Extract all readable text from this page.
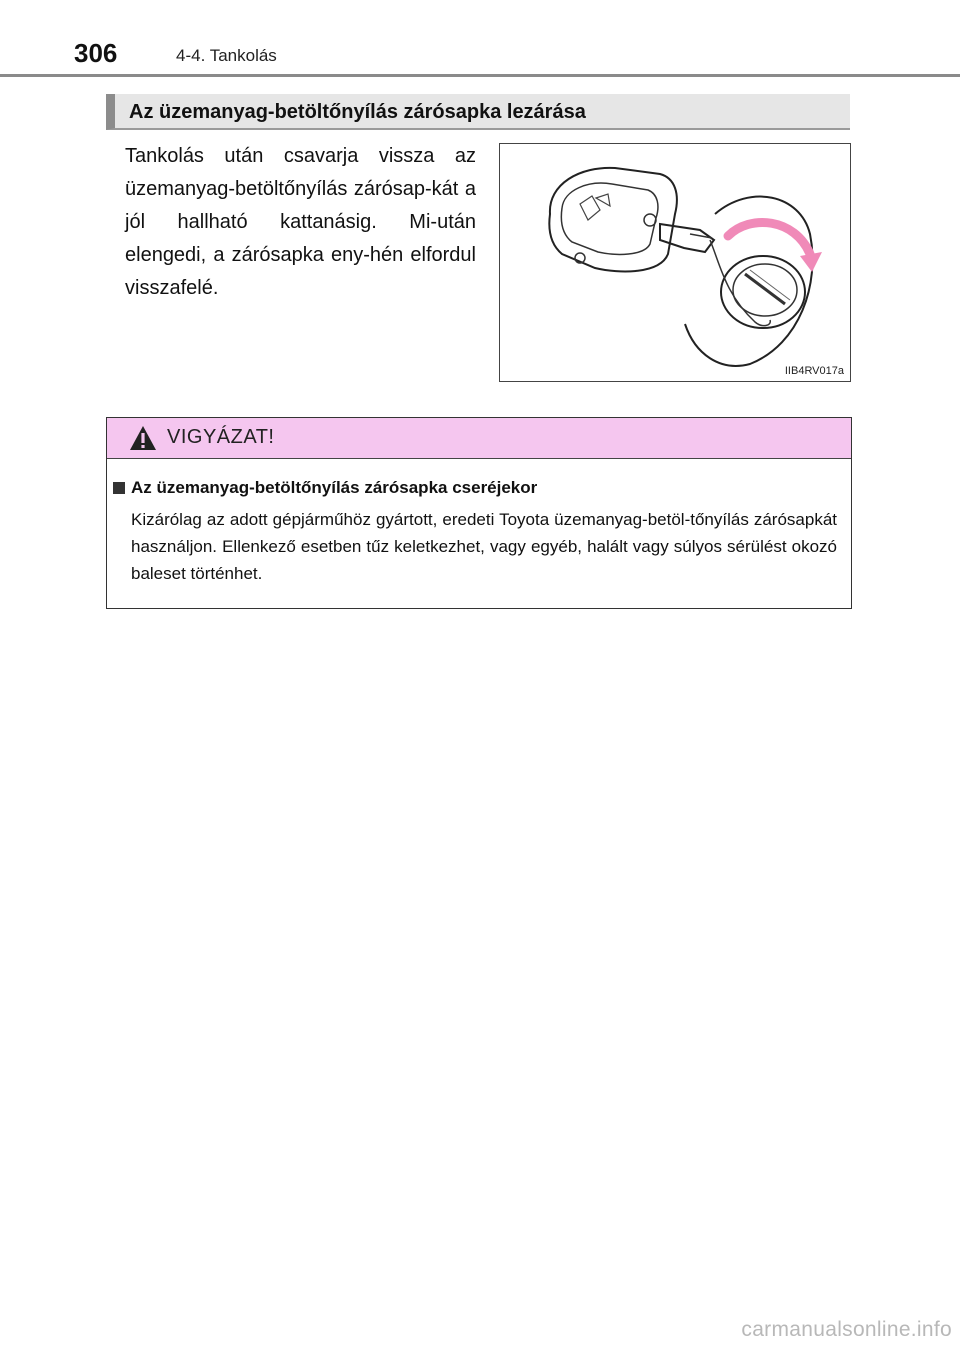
306	4-4. Tankolás
Az üzemanyag-betöltőnyílás zárósapka lezárása

Tankolás után csavarja vissza az üzemanyag-betöltőnyílás zárósap-kát a jól hallható kattanásig. Mi-után elengedi, a zárósapka eny-hén elfordul visszafelé.

IIB4RV017a
VIGYÁZAT!
Az üzemanyag-betöltőnyílás zárósapka cseréjekor

Kizárólag az adott gépjárműhöz gyártott, eredeti Toyota üzemanyag-betöl-tőnyílás zárósapkát használjon. Ellenkező esetben tűz keletkezhet, vagy egyéb, halált vagy súlyos sérülést okozó baleset történhet.

carmanualsonline.info
